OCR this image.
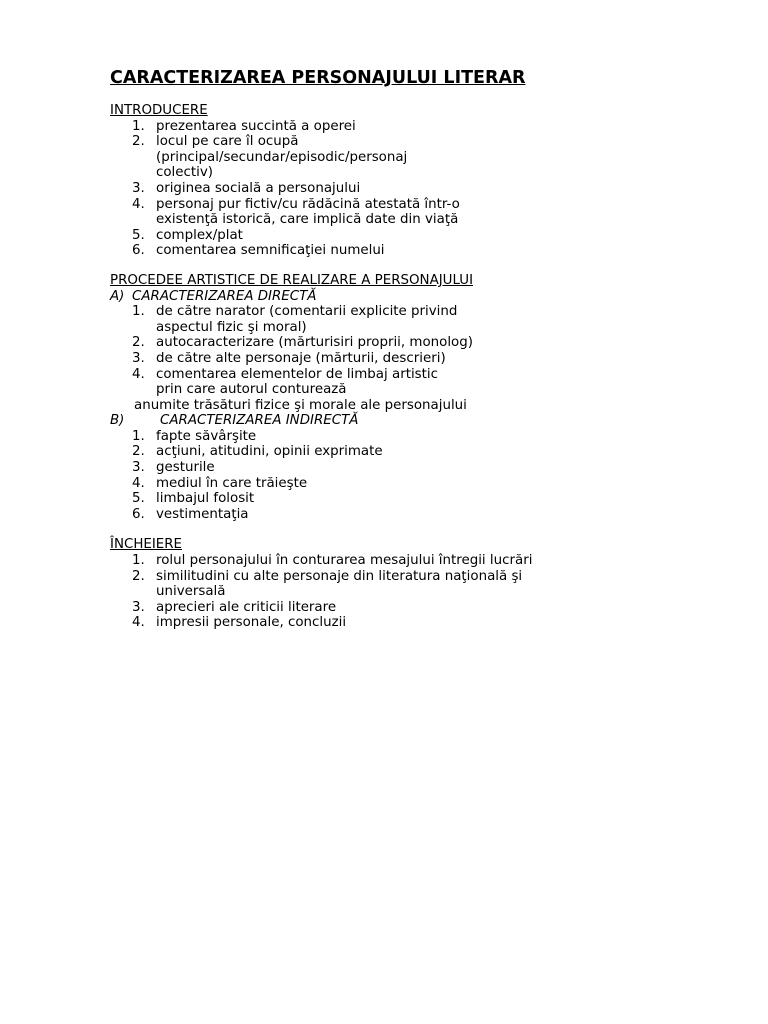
CARACTERIZAREA PERSONAJULUI LITERAR
INTRODUCERE
1. prezentarea succintă a operei
2. locul pe care îl ocupă (principal/secundar/episodic/personaj colectiv)
3. originea socială a personajului
4. personaj pur fictiv/cu rădăcină atestată într-o existenţă istorică, care implică date din viaţă
5. complex/plat
6. comentarea semnificaţiei numelui
PROCEDEE ARTISTICE DE REALIZARE A PERSONAJULUI
A) CARACTERIZAREA DIRECTĂ
1. de către narator (comentarii explicite privind aspectul fizic şi moral)
2. autocaracterizare (mărturisiri proprii, monolog)
3. de către alte personaje (mărturii, descrieri)
4. comentarea elementelor de limbaj artistic prin care autorul conturează
anumite trăsături fizice şi morale ale personajului
B)	CARACTERIZAREA INDIRECTĂ
1. fapte săvârşite
2. acţiuni, atitudini, opinii exprimate
3. gesturile
4. mediul în care trăieşte
5. limbajul folosit
6. vestimentaţia
ÎNCHEIERE
1. rolul personajului în conturarea mesajului întregii lucrări
2. similitudini cu alte personaje din literatura naţională şi universală
3. aprecieri ale criticii literare
4. impresii personale, concluzii
